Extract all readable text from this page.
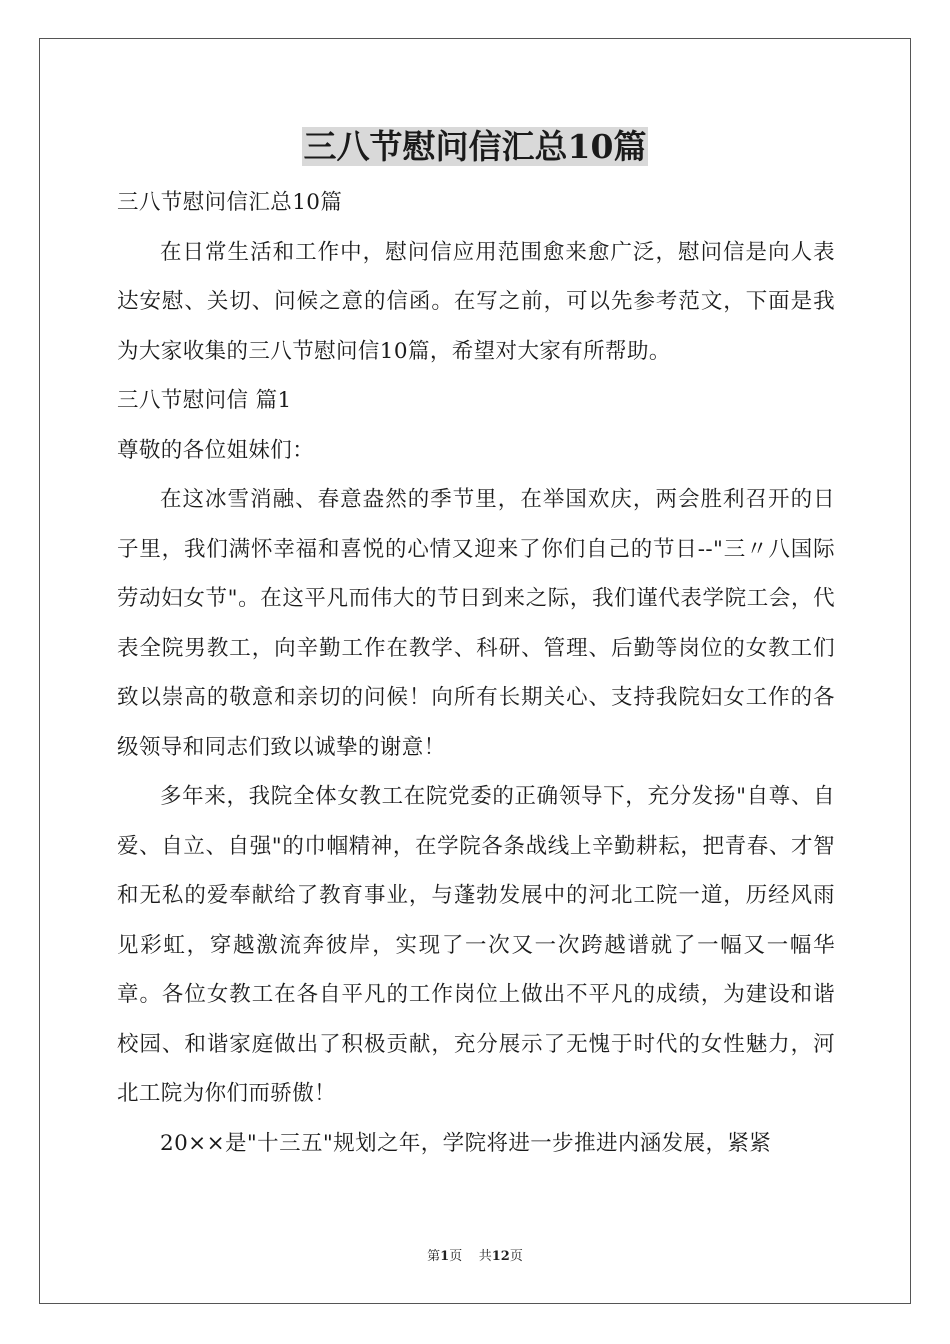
三八节慰问信汇总10篇

三八节慰问信汇总10篇

在日常生活和工作中，慰问信应用范围愈来愈广泛，慰问信是向人表达安慰、关切、问候之意的信函。在写之前，可以先参考范文，下面是我为大家收集的三八节慰问信10篇，希望对大家有所帮助。

三八节慰问信 篇1

尊敬的各位姐妹们：

在这冰雪消融、春意盎然的季节里，在举国欢庆，两会胜利召开的日子里，我们满怀幸福和喜悦的心情又迎来了你们自己的节日--"三〃八国际劳动妇女节"。在这平凡而伟大的节日到来之际，我们谨代表学院工会，代表全院男教工，向辛勤工作在教学、科研、管理、后勤等岗位的女教工们致以崇高的敬意和亲切的问候！向所有长期关心、支持我院妇女工作的各级领导和同志们致以诚挚的谢意！

多年来，我院全体女教工在院党委的正确领导下，充分发扬"自尊、自爱、自立、自强"的巾帼精神，在学院各条战线上辛勤耕耘，把青春、才智和无私的爱奉献给了教育事业，与蓬勃发展中的河北工院一道，历经风雨见彩虹，穿越激流奔彼岸，实现了一次又一次跨越谱就了一幅又一幅华章。各位女教工在各自平凡的工作岗位上做出不平凡的成绩，为建设和谐校园、和谐家庭做出了积极贡献，充分展示了无愧于时代的女性魅力，河北工院为你们而骄傲！

20××是"十三五"规划之年，学院将进一步推进内涵发展，紧紧

第1页 共12页
